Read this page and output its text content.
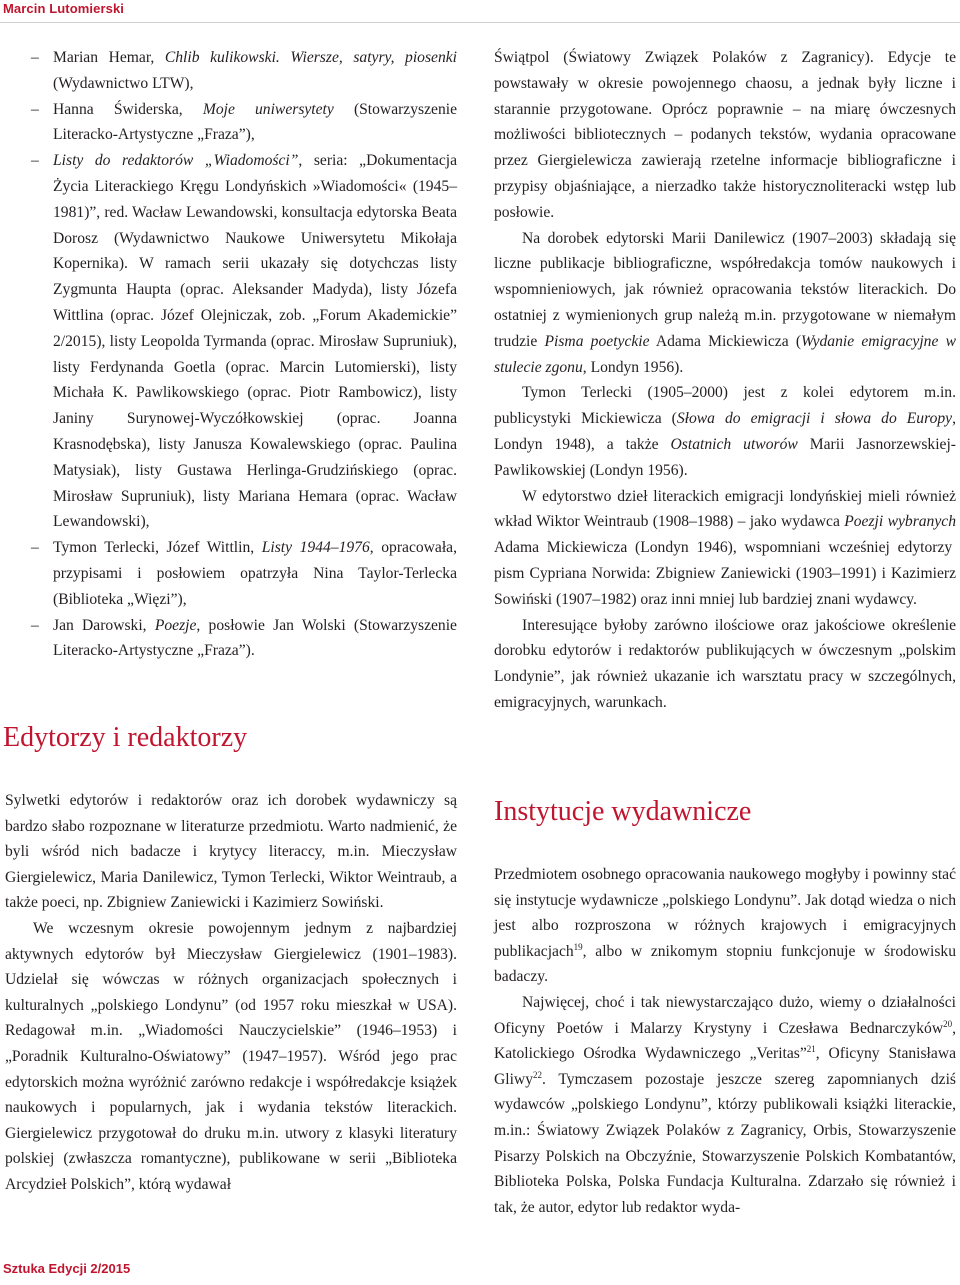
Marcin Lutomierski
– Marian Hemar, Chlib kulikowski. Wiersze, satyry, piosenki (Wydawnictwo LTW),
– Hanna Świderska, Moje uniwersytety (Stowarzyszenie Literacko-Artystyczne „Fraza”),
– Listy do redaktorów „Wiadomości”, seria: „Dokumentacja Życia Literackiego Kręgu Londyńskich »Wiadomości« (1945–1981)”, red. Wacław Lewandowski, konsultacja edytorska Beata Dorosz (Wydawnictwo Naukowe Uniwersytetu Mikołaja Kopernika). W ramach serii ukazały się dotychczas listy Zygmunta Haupta (oprac. Aleksander Madyda), listy Józefa Wittlina (oprac. Józef Olejniczak, zob. „Forum Akademickie” 2/2015), listy Leopolda Tyrmanda (oprac. Mirosław Supruniuk), listy Ferdynanda Goetla (oprac. Marcin Lutomierski), listy Michała K. Pawlikowskiego (oprac. Piotr Rambowicz), listy Janiny Surynowej-Wyczółkowskiej (oprac. Joanna Krasnodębska), listy Janusza Kowalewskiego (oprac. Paulina Matysiak), listy Gustawa Herlinga-Grudzińskiego (oprac. Mirosław Supruniuk), listy Mariana Hemara (oprac. Wacław Lewandowski),
– Tymon Terlecki, Józef Wittlin, Listy 1944–1976, opracowała, przypisami i posłowiem opatrzyła Nina Taylor-Terlecka (Biblioteka „Więzi”),
– Jan Darowski, Poezje, posłowie Jan Wolski (Stowarzyszenie Literacko-Artystyczne „Fraza”).
Edytorzy i redaktorzy

Sylwetki edytorów i redaktorów oraz ich dorobek wydawniczy są bardzo słabo rozpoznane w literaturze przedmiotu. Warto nadmienić, że byli wśród nich badacze i krytycy literaccy, m.in. Mieczysław Giergielewicz, Maria Danilewicz, Tymon Terlecki, Wiktor Weintraub, a także poeci, np. Zbigniew Zaniewicki i Kazimierz Sowiński.

We wczesnym okresie powojennym jednym z najbardziej aktywnych edytorów był Mieczysław Giergielewicz (1901–1983). Udzielał się wówczas w różnych organizacjach społecznych i kulturalnych „polskiego Londynu” (od 1957 roku mieszkał w USA). Redagował m.in. „Wiadomości Nauczycielskie” (1946–1953) i „Poradnik Kulturalno-Oświatowy” (1947–1957). Wśród jego prac edytorskich można wyróżnić zarówno redakcje i współredakcje książek naukowych i popularnych, jak i wydania tekstów literackich. Giergielewicz przygotował do druku m.in. utwory z klasyki literatury polskiej (zwłaszcza romantyczne), publikowane w serii „Biblioteka Arcydzieł Polskich”, którą wydawał

Świątpol (Światowy Związek Polaków z Zagranicy). Edycje te powstawały w okresie powojennego chaosu, a jednak były liczne i starannie przygotowane. Oprócz poprawnie – na miarę ówczesnych możliwości bibliotecznych – podanych tekstów, wydania opracowane przez Giergielewicza zawierają rzetelne informacje bibliograficzne i przypisy objaśniające, a nierzadko także historycznoliteracki wstęp lub posłowie.

Na dorobek edytorski Marii Danilewicz (1907–2003) składają się liczne publikacje bibliograficzne, współredakcja tomów naukowych i wspomnieniowych, jak również opracowania tekstów literackich. Do ostatniej z wymienionych grup należą m.in. przygotowane w niemałym trudzie Pisma poetyckie Adama Mickiewicza (Wydanie emigracyjne w stulecie zgonu, Londyn 1956).

Tymon Terlecki (1905–2000) jest z kolei edytorem m.in. publicystyki Mickiewicza (Słowa do emigracji i słowa do Europy, Londyn 1948), a także Ostatnich utworów Marii Jasnorzewskiej-Pawlikowskiej (Londyn 1956).

W edytorstwo dzieł literackich emigracji londyńskiej mieli również wkład Wiktor Weintraub (1908–1988) – jako wydawca Poezji wybranych Adama Mickiewicza (Londyn 1946), wspomniani wcześniej edytorzy pism Cypriana Norwida: Zbigniew Zaniewicki (1903–1991) i Kazimierz Sowiński (1907–1982) oraz inni mniej lub bardziej znani wydawcy.

Interesujące byłoby zarówno ilościowe oraz jakościowe określenie dorobku edytorów i redaktorów publikujących w ówczesnym „polskim Londynie”, jak również ukazanie ich warsztatu pracy w szczególnych, emigracyjnych, warunkach.

Instytucje wydawnicze

Przedmiotem osobnego opracowania naukowego mogłyby i powinny stać się instytucje wydawnicze „polskiego Londynu”. Jak dotąd wiedza o nich jest albo rozproszona w różnych krajowych i emigracyjnych publikacjach$^{19}$, albo w znikomym stopniu funkcjonuje w środowisku badaczy.

Najwięcej, choć i tak niewystarczająco dużo, wiemy o działalności Oficyny Poetów i Malarzy Krystyny i Czesława Bednarczyków$^{20}$, Katolickiego Ośrodka Wydawniczego „Veritas”$^{21}$, Oficyny Stanisława Gliwy$^{22}$. Tymczasem pozostaje jeszcze szereg zapomnianych dziś wydawców „polskiego Londynu”, którzy publikowali książki literackie, m.in.: Światowy Związek Polaków z Zagranicy, Orbis, Stowarzyszenie Pisarzy Polskich na Obczyźnie, Stowarzyszenie Polskich Kombatantów, Biblioteka Polska, Polska Fundacja Kulturalna. Zdarzało się również i tak, że autor, edytor lub redaktor wyda-

Sztuka Edycji 2/2015
